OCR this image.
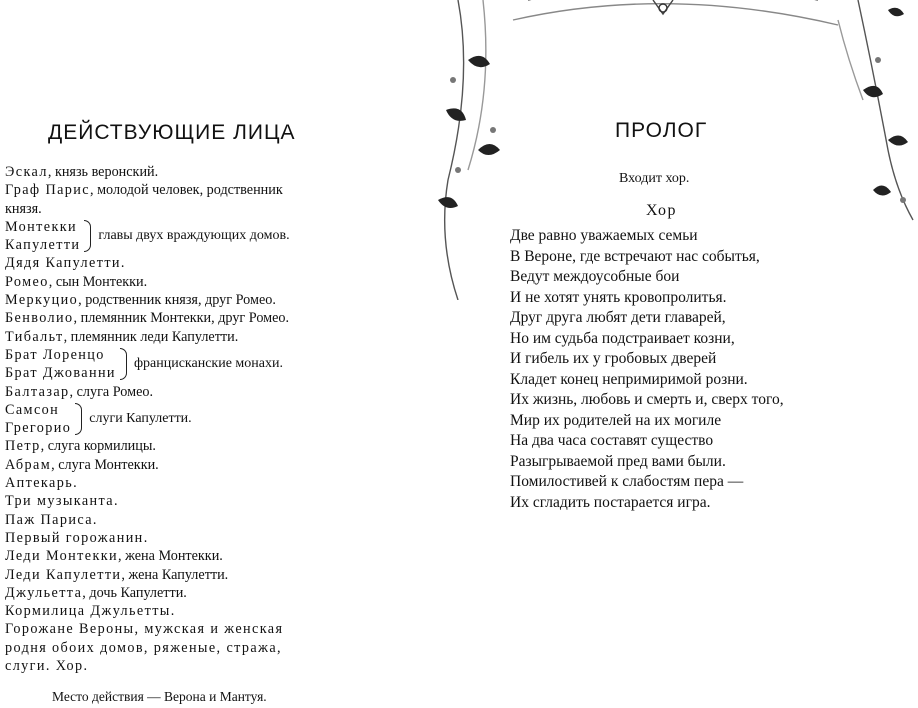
ДЕЙСТВУЮЩИЕ ЛИЦА
Эскал, князь веронский.
Граф Парис, молодой человек, родственник
князя.
Монтекки
Капулетти
главы двух враждующих домов.
Дядя Капулетти.
Ромео, сын Монтекки.
Меркуцио, родственник князя, друг Ромео.
Бенволио, племянник Монтекки, друг Ромео.
Тибальт, племянник леди Капулетти.
Брат Лоренцо
Брат Джованни
францисканские монахи.
Балтазар, слуга Ромео.
Самсон
Грегорио
слуги Капулетти.
Петр, слуга кормилицы.
Абрам, слуга Монтекки.
Аптекарь.
Три музыканта.
Паж Париса.
Первый горожанин.
Леди Монтекки, жена Монтекки.
Леди Капулетти, жена Капулетти.
Джульетта, дочь Капулетти.
Кормилица Джульетты.
Горожане Вероны, мужская и женская
родня обоих домов, ряженые, стража,
слуги. Хор.
Место действия — Верона и Мантуя.
ПРОЛОГ
Входит хор.
Хор
Две равно уважаемых семьи
В Вероне, где встречают нас событья,
Ведут междоусобные бои
И не хотят унять кровопролитья.
Друг друга любят дети главарей,
Но им судьба подстраивает козни,
И гибель их у гробовых дверей
Кладет конец непримиримой розни.
Их жизнь, любовь и смерть и, сверх того,
Мир их родителей на их могиле
На два часа составят существо
Разыгрываемой пред вами были.
Помилостивей к слабостям пера —
Их сгладить постарается игра.
